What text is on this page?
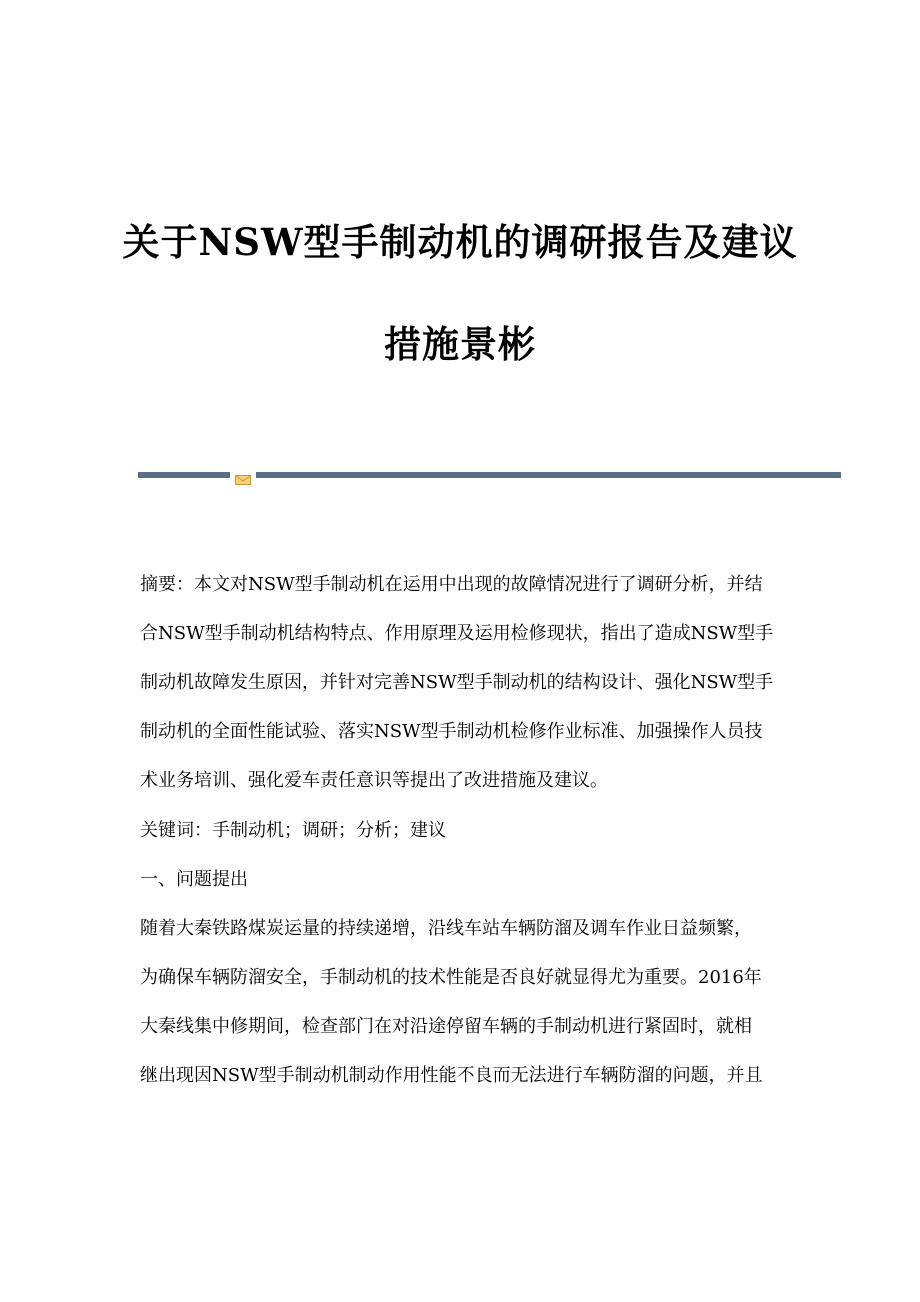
关于NSW型手制动机的调研报告及建议
措施景彬
摘要：本文对NSW型手制动机在运用中出现的故障情况进行了调研分析，并结
合NSW型手制动机结构特点、作用原理及运用检修现状，指出了造成NSW型手
制动机故障发生原因，并针对完善NSW型手制动机的结构设计、强化NSW型手
制动机的全面性能试验、落实NSW型手制动机检修作业标准、加强操作人员技
术业务培训、强化爱车责任意识等提出了改进措施及建议。
关键词：手制动机；调研；分析；建议
一、问题提出
随着大秦铁路煤炭运量的持续递增，沿线车站车辆防溜及调车作业日益频繁，
为确保车辆防溜安全，手制动机的技术性能是否良好就显得尤为重要。2016年
大秦线集中修期间，检查部门在对沿途停留车辆的手制动机进行紧固时，就相
继出现因NSW型手制动机制动作用性能不良而无法进行车辆防溜的问题，并且
